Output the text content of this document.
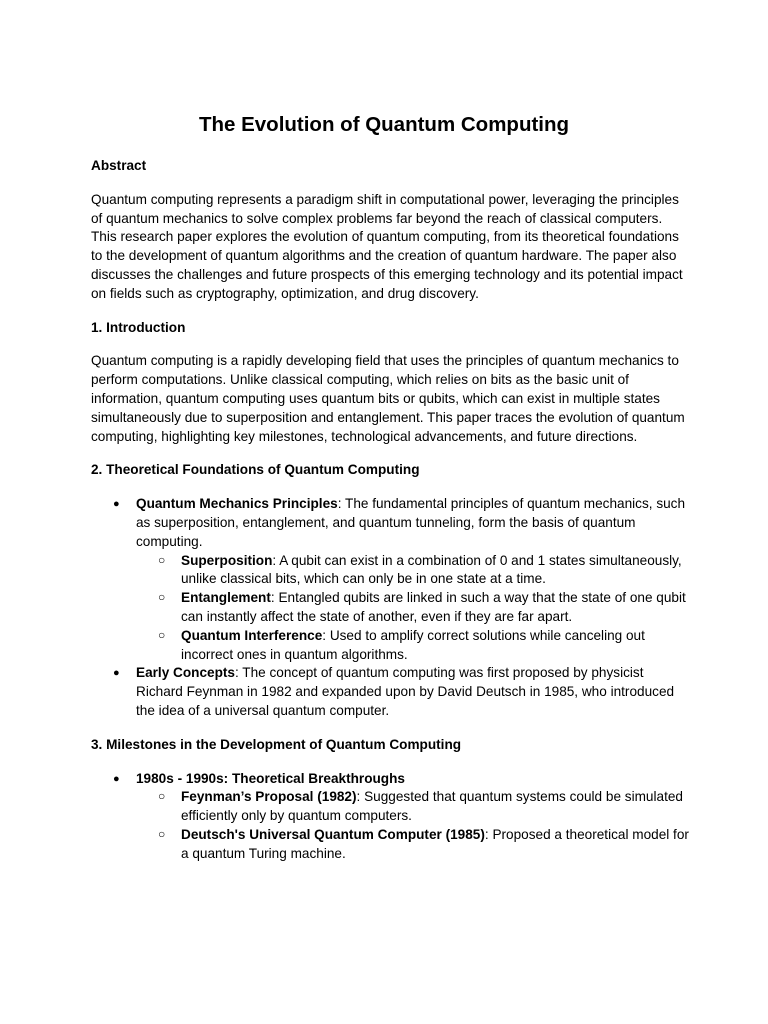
The Evolution of Quantum Computing
Abstract

Quantum computing represents a paradigm shift in computational power, leveraging the principles of quantum mechanics to solve complex problems far beyond the reach of classical computers. This research paper explores the evolution of quantum computing, from its theoretical foundations to the development of quantum algorithms and the creation of quantum hardware. The paper also discusses the challenges and future prospects of this emerging technology and its potential impact on fields such as cryptography, optimization, and drug discovery.

1. Introduction

Quantum computing is a rapidly developing field that uses the principles of quantum mechanics to perform computations. Unlike classical computing, which relies on bits as the basic unit of information, quantum computing uses quantum bits or qubits, which can exist in multiple states simultaneously due to superposition and entanglement. This paper traces the evolution of quantum computing, highlighting key milestones, technological advancements, and future directions.

2. Theoretical Foundations of Quantum Computing
● Quantum Mechanics Principles: The fundamental principles of quantum mechanics, such as superposition, entanglement, and quantum tunneling, form the basis of quantum computing.
○ Superposition: A qubit can exist in a combination of 0 and 1 states simultaneously, unlike classical bits, which can only be in one state at a time.
○ Entanglement: Entangled qubits are linked in such a way that the state of one qubit can instantly affect the state of another, even if they are far apart.
○ Quantum Interference: Used to amplify correct solutions while canceling out incorrect ones in quantum algorithms.
● Early Concepts: The concept of quantum computing was first proposed by physicist Richard Feynman in 1982 and expanded upon by David Deutsch in 1985, who introduced the idea of a universal quantum computer.
3. Milestones in the Development of Quantum Computing
● 1980s - 1990s: Theoretical Breakthroughs
○ Feynman’s Proposal (1982): Suggested that quantum systems could be simulated efficiently only by quantum computers.
○ Deutsch's Universal Quantum Computer (1985): Proposed a theoretical model for a quantum Turing machine.
